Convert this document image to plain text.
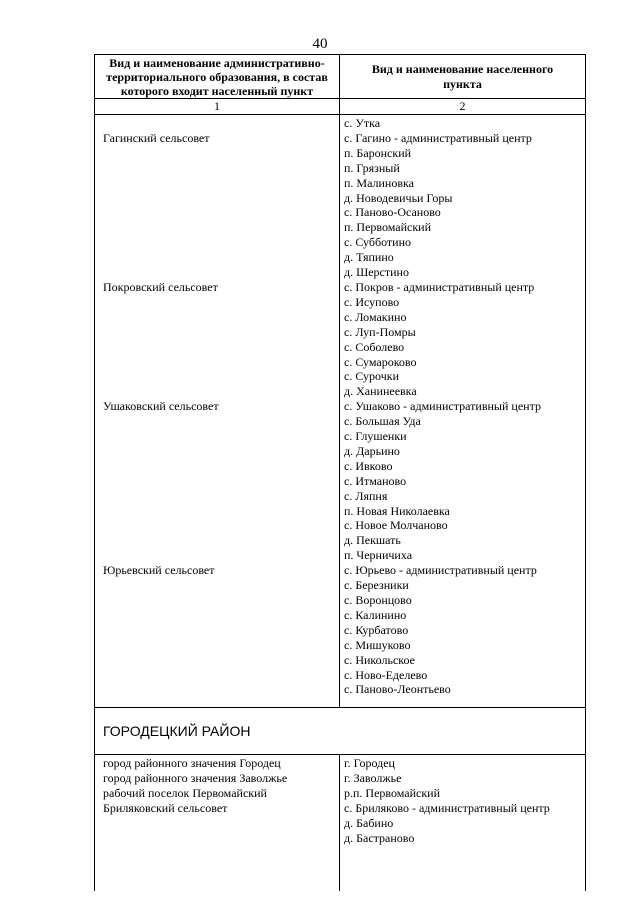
40
Вид и наименование административно-территориального образования, в состав которого входит населенный пункт
Вид и наименование населенного пункта
1	2
Гагинский сельсовет
Покровский сельсовет
Ушаковский сельсовет
Юрьевский сельсовет
с. Утка
с. Гагино - административный центр
п. Баронский
п. Грязный
п. Малиновка
д. Новодевичьи Горы
с. Паново-Осаново
п. Первомайский
с. Субботино
д. Тяпино
д. Шерстино
с. Покров - административный центр
с. Исупово
с. Ломакино
с. Луп-Помры
с. Соболево
с. Сумароково
с. Сурочки
д. Ханинеевка
с. Ушаково - административный центр
с. Большая Уда
с. Глушенки
д. Дарьино
с. Ивково
с. Итманово
с. Ляпня
п. Новая Николаевка
с. Новое Молчаново
д. Пекшать
п. Черничиха
с. Юрьево - административный центр
с. Березники
с. Воронцово
с. Калинино
с. Курбатово
с. Мишуково
с. Никольское
с. Ново-Еделево
с. Паново-Леонтьево
ГОРОДЕЦКИЙ РАЙОН
город районного значения Городец
город районного значения Заволжье
рабочий поселок Первомайский
Бриляковский сельсовет
г. Городец
г. Заволжье
р.п. Первомайский
с. Бриляково - административный центр
д. Бабино
д. Бастраново
